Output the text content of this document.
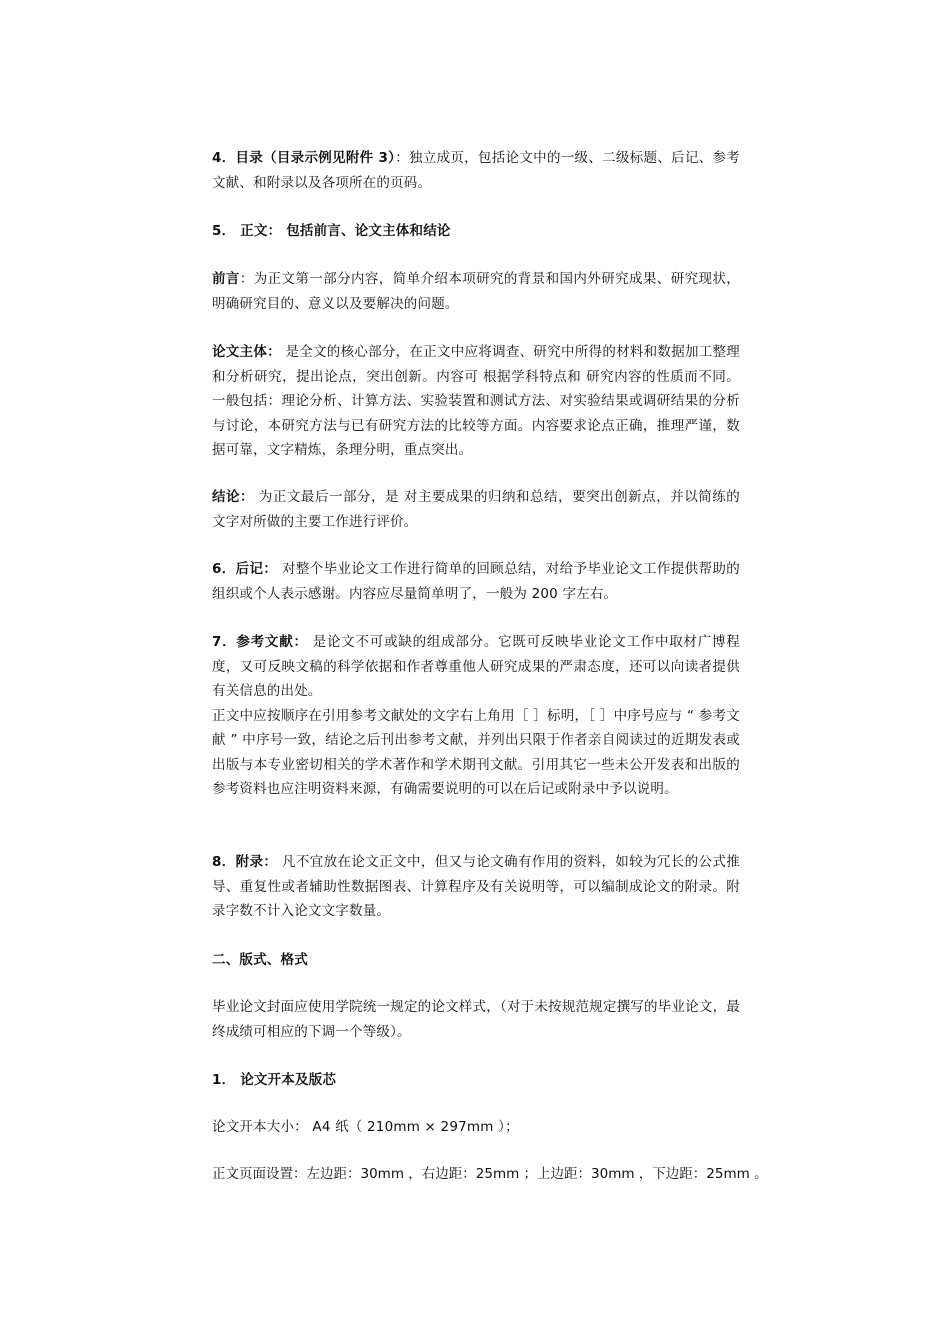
4．目录（目录示例见附件 3）：独立成页，包括论文中的一级、二级标题、后记、参考文献、和附录以及各项所在的页码。

5． 正文： 包括前言、论文主体和结论

前言：为正文第一部分内容，简单介绍本项研究的背景和国内外研究成果、研究现状，明确研究目的、意义以及要解决的问题。

论文主体： 是全文的核心部分，在正文中应将调查、研究中所得的材料和数据加工整理和分析研究，提出论点，突出创新。内容可 根据学科特点和 研究内容的性质而不同。一般包括：理论分析、计算方法、实验装置和测试方法、对实验结果或调研结果的分析与讨论，本研究方法与已有研究方法的比较等方面。内容要求论点正确，推理严谨，数据可靠，文字精炼，条理分明，重点突出。

结论： 为正文最后一部分，是 对主要成果的归纳和总结，要突出创新点，并以简练的文字对所做的主要工作进行评价。

6．后记： 对整个毕业论文工作进行简单的回顾总结，对给予毕业论文工作提供帮助的组织或个人表示感谢。内容应尽量简单明了，一般为 200 字左右。

7．参考文献： 是论文不可或缺的组成部分。它既可反映毕业论文工作中取材广博程度，又可反映文稿的科学依据和作者尊重他人研究成果的严肃态度，还可以向读者提供有关信息的出处。
正文中应按顺序在引用参考文献处的文字右上角用［ ］标明，［ ］中序号应与 “ 参考文献 ” 中序号一致，结论之后刊出参考文献，并列出只限于作者亲自阅读过的近期发表或出版与本专业密切相关的学术著作和学术期刊文献。引用其它一些未公开发表和出版的参考资料也应注明资料来源，有确需要说明的可以在后记或附录中予以说明。

8．附录： 凡不宜放在论文正文中，但又与论文确有作用的资料，如较为冗长的公式推导、重复性或者辅助性数据图表、计算程序及有关说明等，可以编制成论文的附录。附录字数不计入论文文字数量。

二、版式、格式

毕业论文封面应使用学院统一规定的论文样式，（对于未按规范规定撰写的毕业论文，最终成绩可相应的下调一个等级）。

1． 论文开本及版芯

论文开本大小： A4 纸（ 210mm × 297mm ）；

正文页面设置：左边距：30mm ，右边距：25mm ；上边距：30mm ，下边距：25mm 。
